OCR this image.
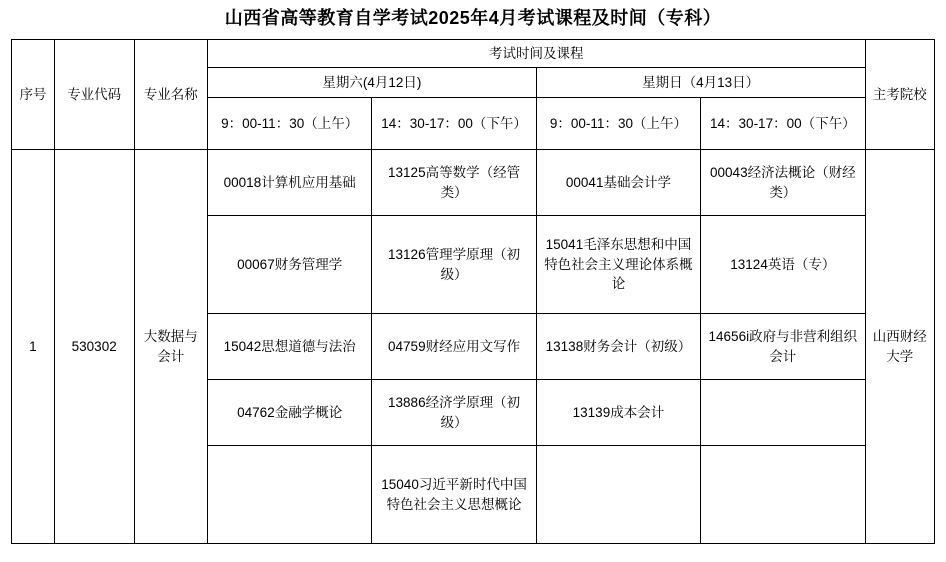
山西省高等教育自学考试2025年4月考试课程及时间（专科）
序号	专业代码	专业名称	考试时间及课程				主考院校
			星期六(4月12日)		星期日（4月13日）		
			9：00-11：30（上午）	14：30-17：00（下午）	9：00-11：30（上午）	14：30-17：00（下午）	
1	530302	大数据与会计	00018计算机应用基础	13125高等数学（经管类）	00041基础会计学	00043经济法概论（财经类）	山西财经大学
			00067财务管理学	13126管理学原理（初级）	15041毛泽东思想和中国特色社会主义理论体系概论	13124英语（专）	
			15042思想道德与法治	04759财经应用文写作	13138财务会计（初级）	14656i政府与非营利组织会计	
			04762金融学概论	13886经济学原理（初级）	13139成本会计		
				15040习近平新时代中国特色社会主义思想概论			
